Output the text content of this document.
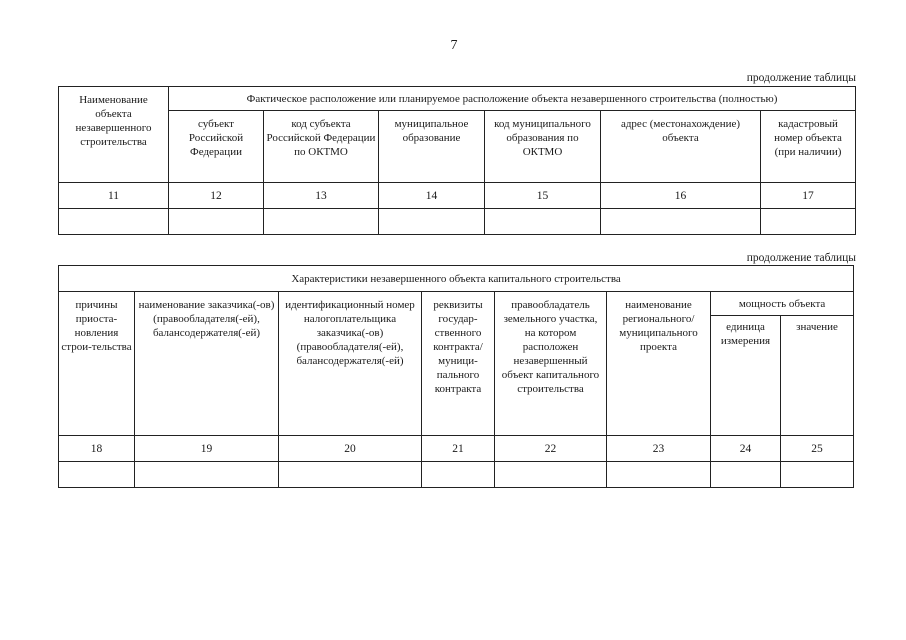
7
продолжение таблицы
Наименование объекта незавершенного строительства	Фактическое расположение или планируемое расположение объекта незавершенного строительства (полностью)					
	субъект Российской Федерации	код субъекта Российской Федерации по ОКТМО	муниципальное образование	код муниципального образования по ОКТМО	адрес (местонахождение) объекта	кадастровый номер объекта (при наличии)
11	12	13	14	15	16	17

продолжение таблицы
Характеристики незавершенного объекта капитального строительства							
причины приоста-новления строи-тельства	наименование заказчика(-ов) (правообладателя(-ей), балансодержателя(-ей)	идентификационный номер налогоплательщика заказчика(-ов) (правообладателя(-ей), балансодержателя(-ей)	реквизиты государ-ственного контракта/ муници-пального контракта	правообладатель земельного участка, на котором расположен незавершенный объект капитального строительства	наименование регионального/ муниципального проекта	мощность объекта	
						единица измерения	значение
18	19	20	21	22	23	24	25
